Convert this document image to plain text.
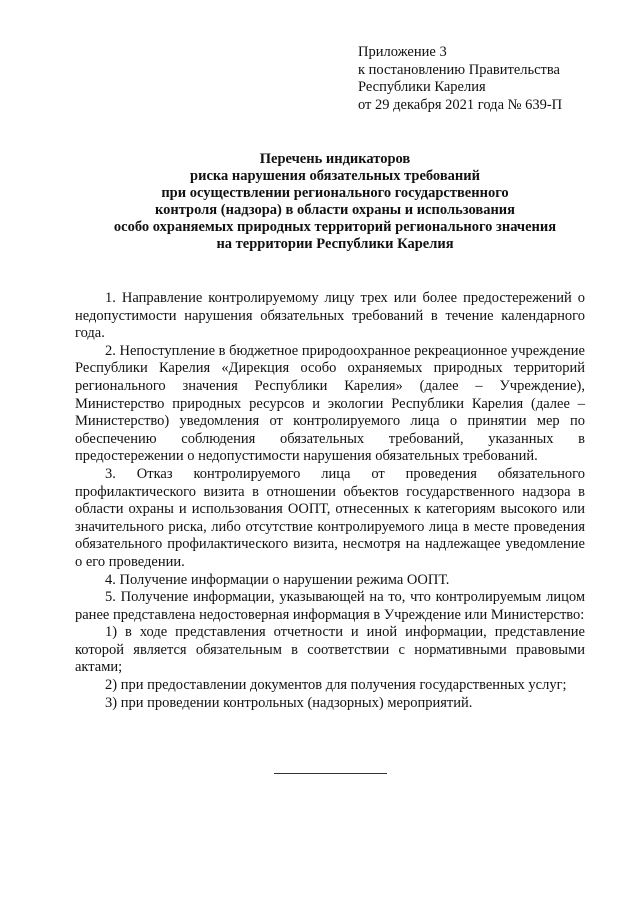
Приложение 3
к постановлению Правительства
Республики Карелия
от 29 декабря 2021 года № 639-П
Перечень индикаторов
риска нарушения обязательных требований
при осуществлении регионального государственного
контроля (надзора) в области охраны и использования
особо охраняемых природных территорий регионального значения
на территории Республики Карелия

1. Направление контролируемому лицу трех или более предостережений о недопустимости нарушения обязательных требований в течение календарного года.

2. Непоступление в бюджетное природоохранное рекреационное учреждение Республики Карелия «Дирекция особо охраняемых природных территорий регионального значения Республики Карелия» (далее – Учреждение), Министерство природных ресурсов и экологии Республики Карелия (далее – Министерство) уведомления от контролируемого лица о принятии мер по обеспечению соблюдения обязательных требований, указанных в предостережении о недопустимости нарушения обязательных требований.

3. Отказ контролируемого лица от проведения обязательного профилактического визита в отношении объектов государственного надзора в области охраны и использования ООПТ, отнесенных к категориям высокого или значительного риска, либо отсутствие контролируемого лица в месте проведения обязательного профилактического визита, несмотря на надлежащее уведомление о его проведении.

4. Получение информации о нарушении режима ООПТ.

5. Получение информации, указывающей на то, что контролируемым лицом ранее представлена недостоверная информация в Учреждение или Министерство:

1) в ходе представления отчетности и иной информации, представление которой является обязательным в соответствии с нормативными правовыми актами;

2) при предоставлении документов для получения государственных услуг;

3) при проведении контрольных (надзорных) мероприятий.
